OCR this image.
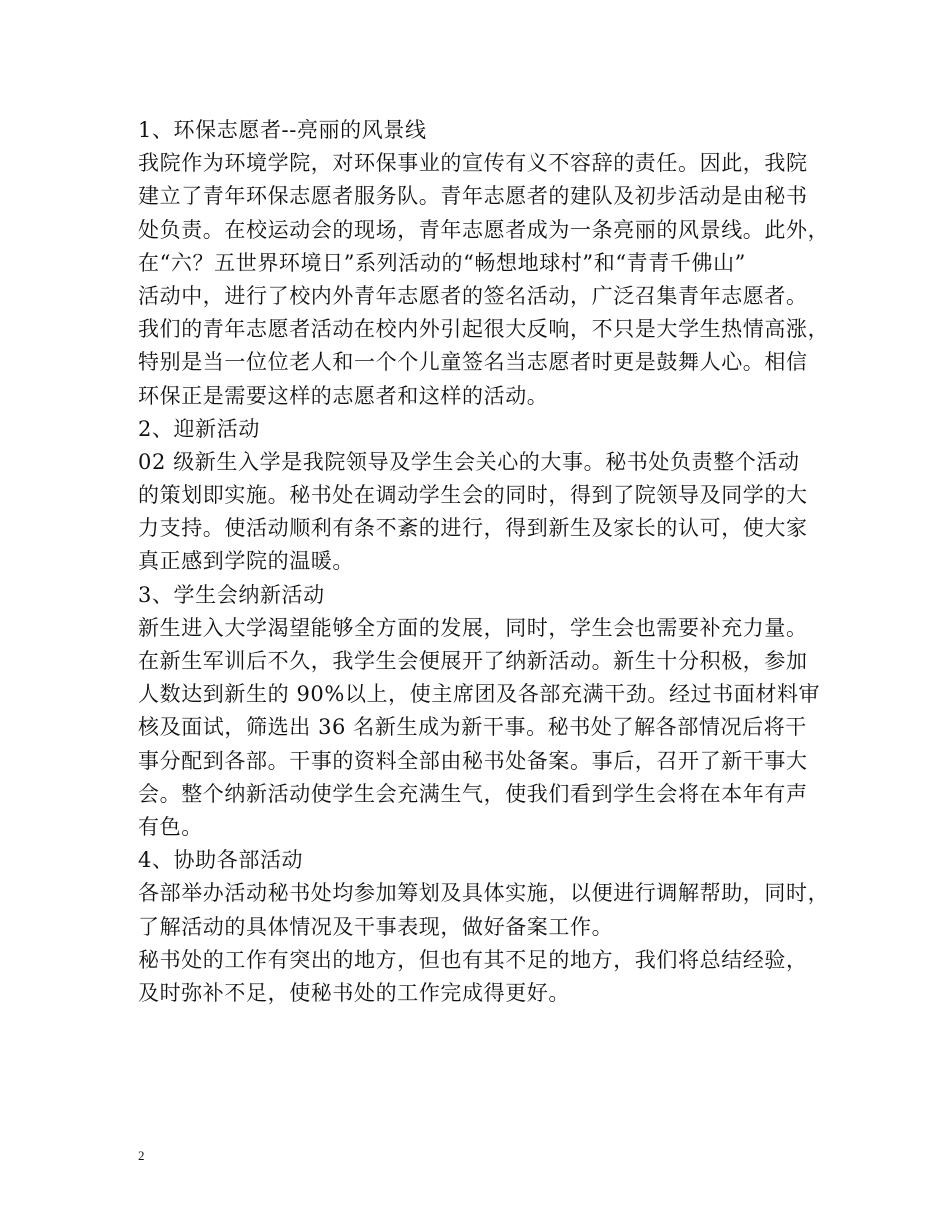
1、环保志愿者--亮丽的风景线
我院作为环境学院，对环保事业的宣传有义不容辞的责任。因此，我院
建立了青年环保志愿者服务队。青年志愿者的建队及初步活动是由秘书
处负责。在校运动会的现场，青年志愿者成为一条亮丽的风景线。此外，
在“六？五世界环境日”系列活动的“畅想地球村”和“青青千佛山”
活动中，进行了校内外青年志愿者的签名活动，广泛召集青年志愿者。
我们的青年志愿者活动在校内外引起很大反响，不只是大学生热情高涨，
特别是当一位位老人和一个个儿童签名当志愿者时更是鼓舞人心。相信
环保正是需要这样的志愿者和这样的活动。
2、迎新活动
02 级新生入学是我院领导及学生会关心的大事。秘书处负责整个活动
的策划即实施。秘书处在调动学生会的同时，得到了院领导及同学的大
力支持。使活动顺利有条不紊的进行，得到新生及家长的认可，使大家
真正感到学院的温暖。
3、学生会纳新活动
新生进入大学渴望能够全方面的发展，同时，学生会也需要补充力量。
在新生军训后不久，我学生会便展开了纳新活动。新生十分积极，参加
人数达到新生的 90%以上，使主席团及各部充满干劲。经过书面材料审
核及面试，筛选出 36 名新生成为新干事。秘书处了解各部情况后将干
事分配到各部。干事的资料全部由秘书处备案。事后，召开了新干事大
会。整个纳新活动使学生会充满生气，使我们看到学生会将在本年有声
有色。
4、协助各部活动
各部举办活动秘书处均参加筹划及具体实施，以便进行调解帮助，同时，
了解活动的具体情况及干事表现，做好备案工作。
秘书处的工作有突出的地方，但也有其不足的地方，我们将总结经验，
及时弥补不足，使秘书处的工作完成得更好。
2
